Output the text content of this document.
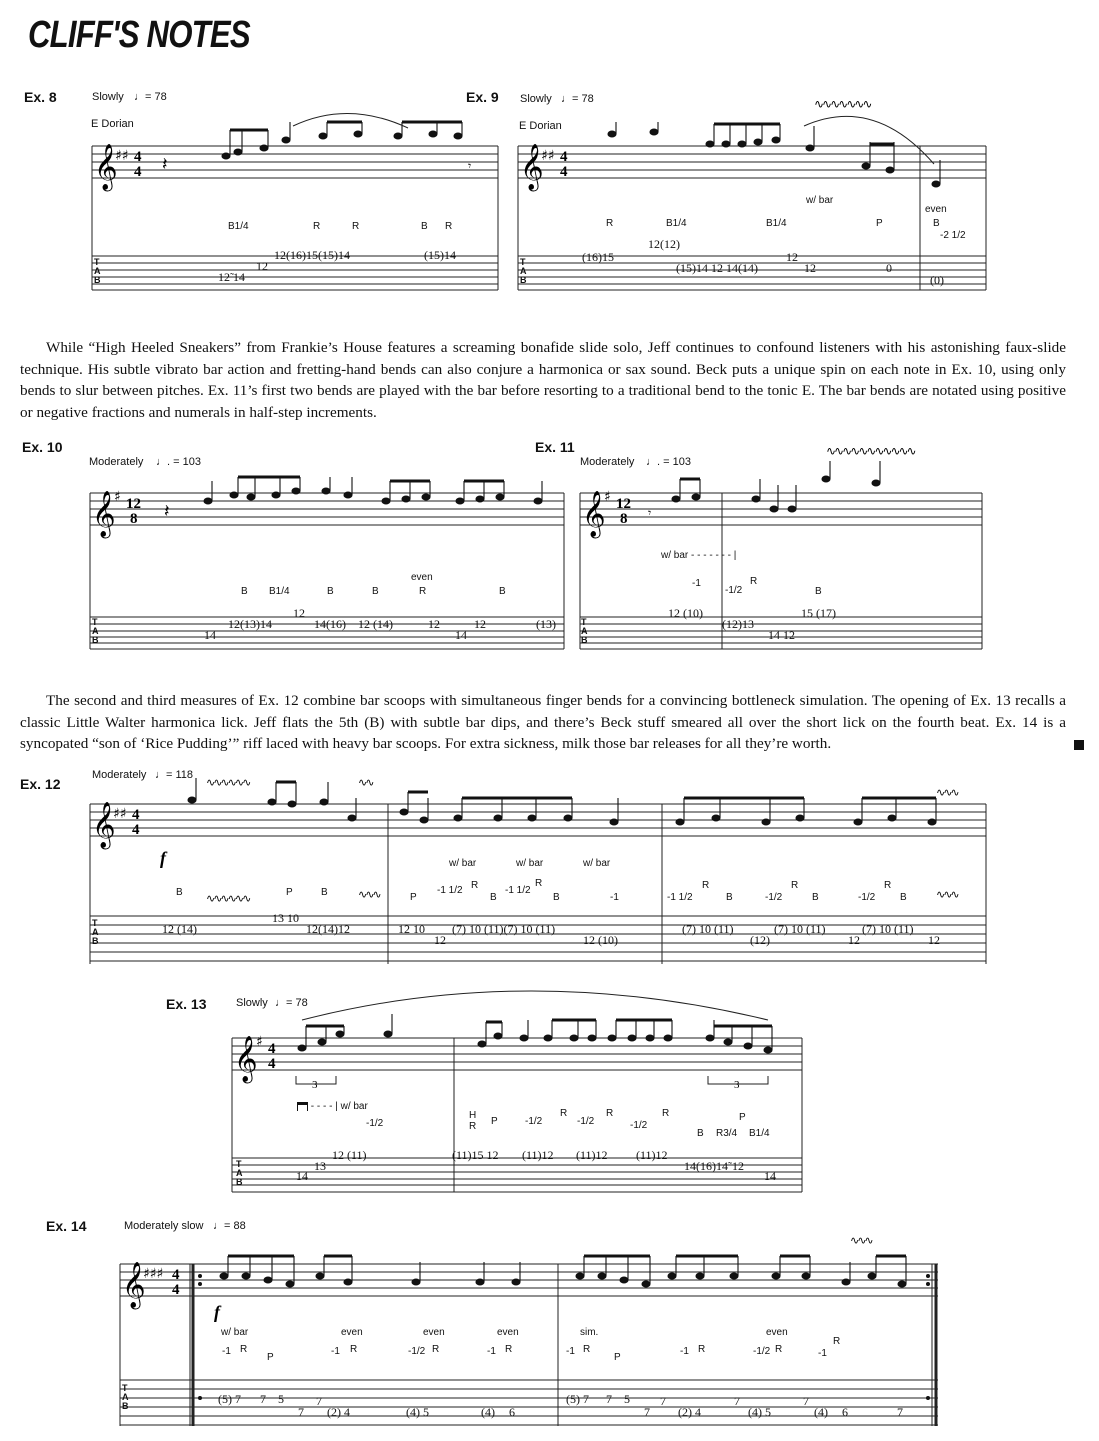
CLIFF'S NOTES
Ex. 8	Slowly ♩= 78
E Dorian
𝄞
♯♯ 4
4 𝄽	𝄾
B1/4	R	R	B R
T
A
B	12̃ 14
12
12(16)15(15)14	(15)14
Ex. 9 Slowly ♩= 78
E Dorian
𝄞
♯♯ 4
4
∿∿∿∿∿∿∿
w/ bar
even
R	B1/4	B1/4	P	B
-2 1/2
T
A
B
(16)15
12(12)
(15)14 12 14(14)
12
12	0
(0)
While “High Heeled Sneakers” from Frankie’s House features a screaming bonafide slide solo, Jeff continues to confound listeners with his astonishing faux-slide technique. His subtle vibrato bar action and fretting-hand bends can also conjure a harmonica or sax sound. Beck puts a unique spin on each note in Ex. 10, using only bends to slur between pitches. Ex. 11’s first two bends are played with the bar before resorting to a traditional bend to the tonic E. The bar bends are notated using positive or negative fractions and numerals in half-step increments.
Ex. 10
Moderately ♩. = 103
𝄞
♯ 12
8 𝄽
even
B B1/4	B	B	R	B
T
A
B	14
12(13)14
12
14(16) 12 (14)	12
14
12	(13)
Ex. 11
Moderately ♩. = 103
𝄞
♯ 12
8 𝄾
∿∿∿∿∿∿∿∿∿∿∿
w/ bar - - - - - - - |
-1
-1/2
R
B
T
A
B
12 (10)
(12)13
14 12
15 (17)
The second and third measures of Ex. 12 combine bar scoops with simultaneous finger bends for a convincing bottleneck simulation. The opening of Ex. 13 recalls a classic Little Walter harmonica lick. Jeff flats the 5th (B) with subtle bar dips, and there’s Beck stuff smeared all over the short lick on the fourth beat. Ex. 14 is a syncopated “son of ‘Rice Pudding’” riff laced with heavy bar scoops. For extra sickness, milk those bar releases for all they’re worth.
Ex. 12
Moderately ♩= 118
𝄞
♯♯ 4
4
∿∿∿∿∿∿	∿∿
∿∿∿
f
∿∿∿∿∿∿	∿∿∿	∿∿∿
w/ bar	w/ bar	w/ bar
B	P	B	P
-1 1/2 R
B
-1 1/2
R
B	-1	-1 1/2
R
B	-1/2
R
B	-1/2
R
B
T
A
B
12 (14)
13 10
12(14)12	12 10
12
(7) 10 (11)(7) 10 (11)
12 (10)
(7) 10 (11)
(12)
(7) 10 (11)
12
(7) 10 (11)
12
Ex. 13	Slowly ♩= 78
𝄞
♯ 4
4
3	3
- - - - | w/ bar
-1/2
H
R P	-1/2
R
-1/2
R
-1/2
R	P
B R3/4 B1/4
T
A
B	14
13
12 (11)	(11)15 12 (11)12 (11)12 (11)12
14(16)14˜12
14
Ex. 14	Moderately slow ♩= 88
𝄞
♯♯♯ 4
4
∿∿∿
f
w/ bar	even	even	even	sim.	even
-1 R
P
-1 R	-1/2 R	-1 R	-1 R
P
-1 R	-1/2 R	-1
R
T
A
B	(5) 7 7 5
7
7
(2) 4	(4) 5	(4) 6
(5) 7 7 5
7
7
(2) 4
7
(4) 5
7
(4) 6	7
